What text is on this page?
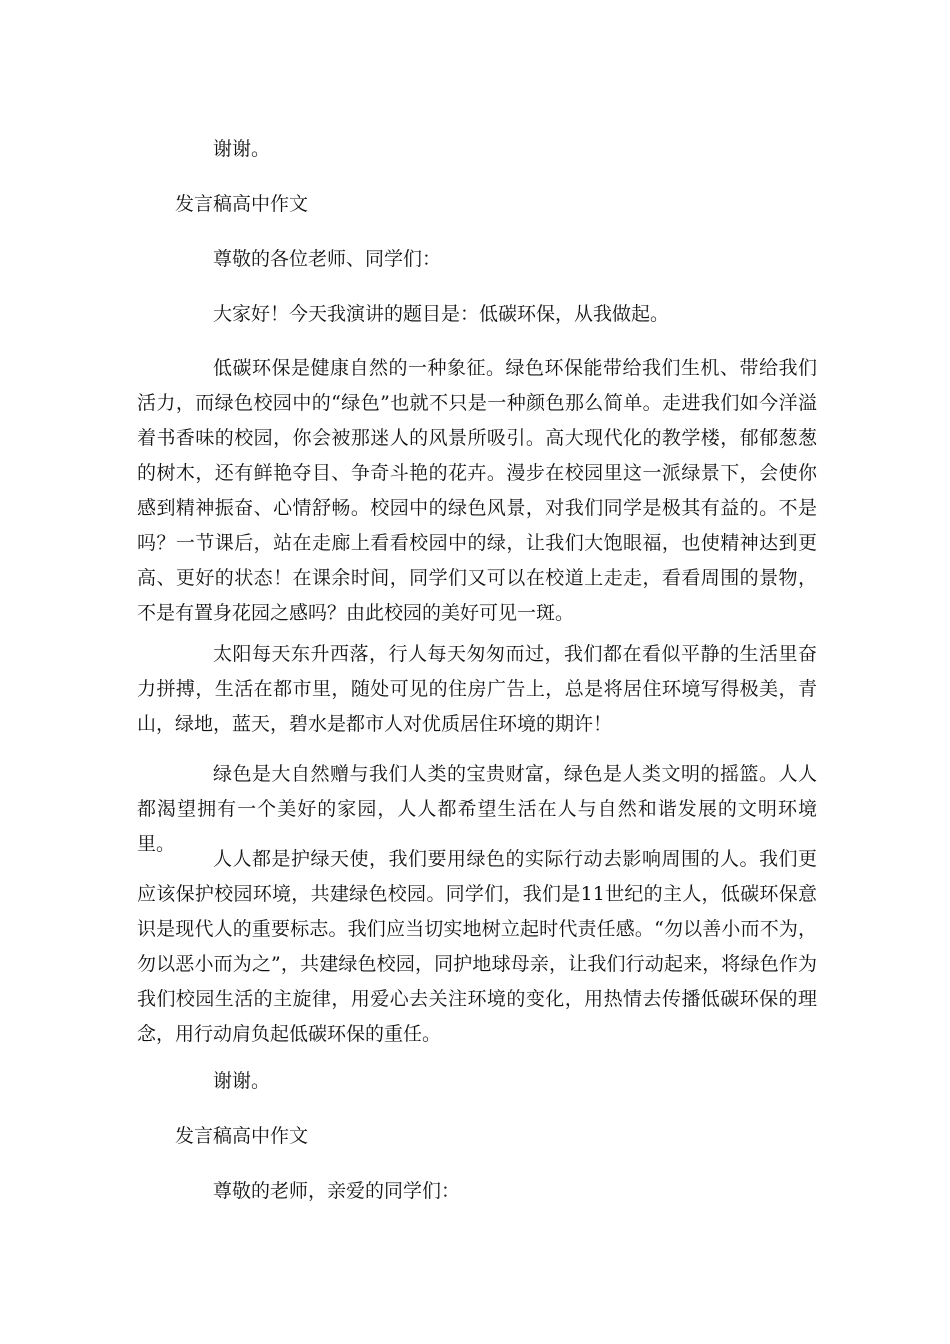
谢谢。

发言稿高中作文

尊敬的各位老师、同学们：

大家好！今天我演讲的题目是：低碳环保，从我做起。

低碳环保是健康自然的一种象征。绿色环保能带给我们生机、带给我们活力，而绿色校园中的“绿色”也就不只是一种颜色那么简单。走进我们如今洋溢着书香味的校园，你会被那迷人的风景所吸引。高大现代化的教学楼，郁郁葱葱的树木，还有鲜艳夺目、争奇斗艳的花卉。漫步在校园里这一派绿景下，会使你感到精神振奋、心情舒畅。校园中的绿色风景，对我们同学是极其有益的。不是吗？一节课后，站在走廊上看看校园中的绿，让我们大饱眼福，也使精神达到更高、更好的状态！在课余时间，同学们又可以在校道上走走，看看周围的景物，不是有置身花园之感吗？由此校园的美好可见一斑。

太阳每天东升西落，行人每天匆匆而过，我们都在看似平静的生活里奋力拼搏，生活在都市里，随处可见的住房广告上，总是将居住环境写得极美，青山，绿地，蓝天，碧水是都市人对优质居住环境的期许！

绿色是大自然赠与我们人类的宝贵财富，绿色是人类文明的摇篮。人人都渴望拥有一个美好的家园，人人都希望生活在人与自然和谐发展的文明环境里。

人人都是护绿天使，我们要用绿色的实际行动去影响周围的人。我们更应该保护校园环境，共建绿色校园。同学们，我们是11世纪的主人，低碳环保意识是现代人的重要标志。我们应当切实地树立起时代责任感。“勿以善小而不为，勿以恶小而为之”，共建绿色校园，同护地球母亲，让我们行动起来，将绿色作为我们校园生活的主旋律，用爱心去关注环境的变化，用热情去传播低碳环保的理念，用行动肩负起低碳环保的重任。

谢谢。

发言稿高中作文

尊敬的老师，亲爱的同学们：
